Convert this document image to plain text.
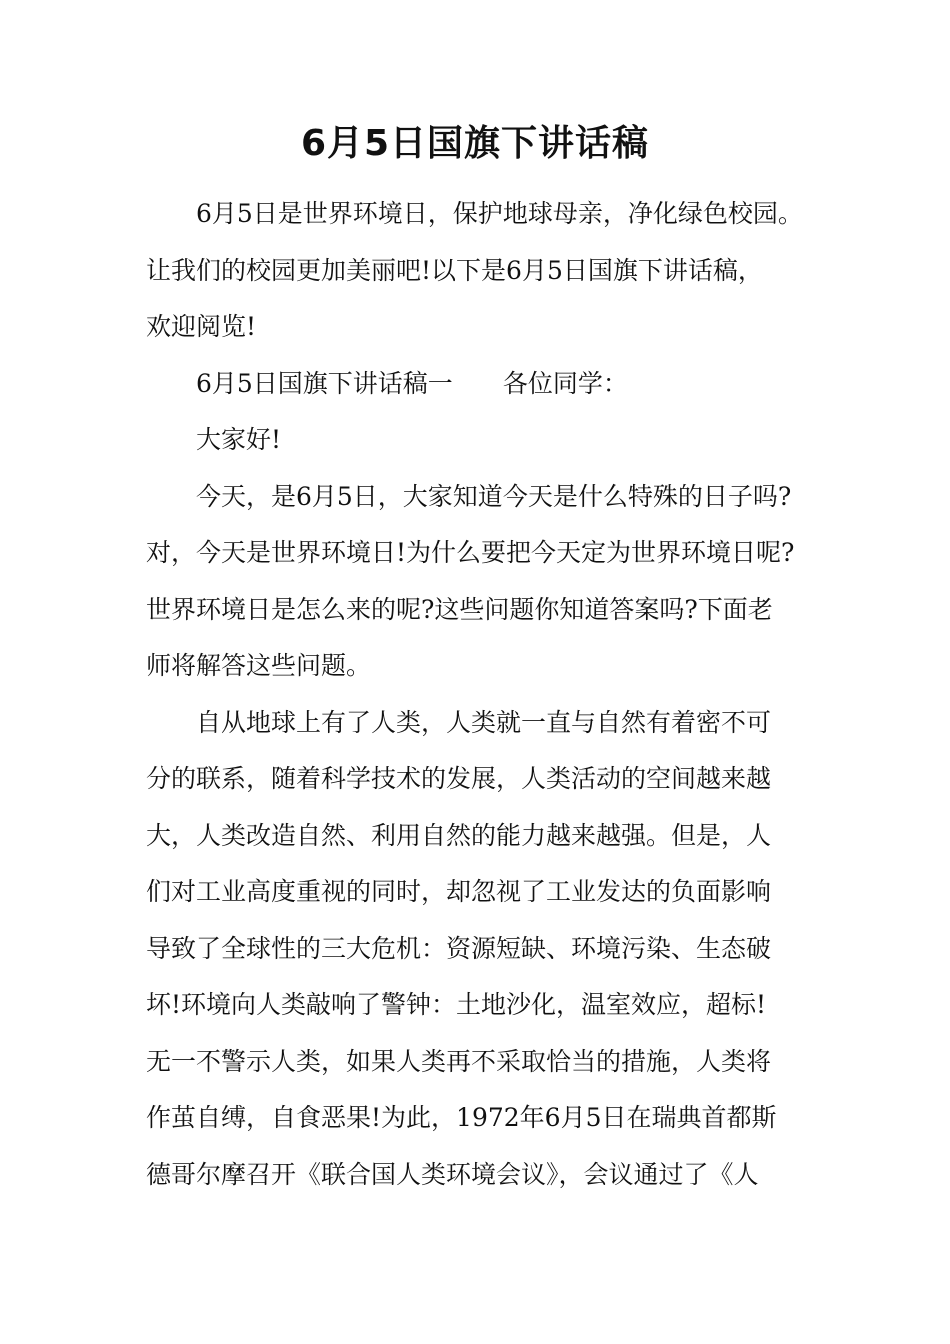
6月5日国旗下讲话稿
6月5日是世界环境日，保护地球母亲，净化绿色校园。
让我们的校园更加美丽吧!以下是6月5日国旗下讲话稿，
欢迎阅览!
6月5日国旗下讲话稿一　　各位同学：
大家好!
今天，是6月5日，大家知道今天是什么特殊的日子吗?
对，今天是世界环境日!为什么要把今天定为世界环境日呢?
世界环境日是怎么来的呢?这些问题你知道答案吗?下面老
师将解答这些问题。
自从地球上有了人类，人类就一直与自然有着密不可
分的联系，随着科学技术的发展，人类活动的空间越来越
大，人类改造自然、利用自然的能力越来越强。但是，人
们对工业高度重视的同时，却忽视了工业发达的负面影响
导致了全球性的三大危机：资源短缺、环境污染、生态破
坏!环境向人类敲响了警钟：土地沙化，温室效应，超标!
无一不警示人类，如果人类再不采取恰当的措施，人类将
作茧自缚，自食恶果!为此，1972年6月5日在瑞典首都斯
德哥尔摩召开《联合国人类环境会议》，会议通过了《人
